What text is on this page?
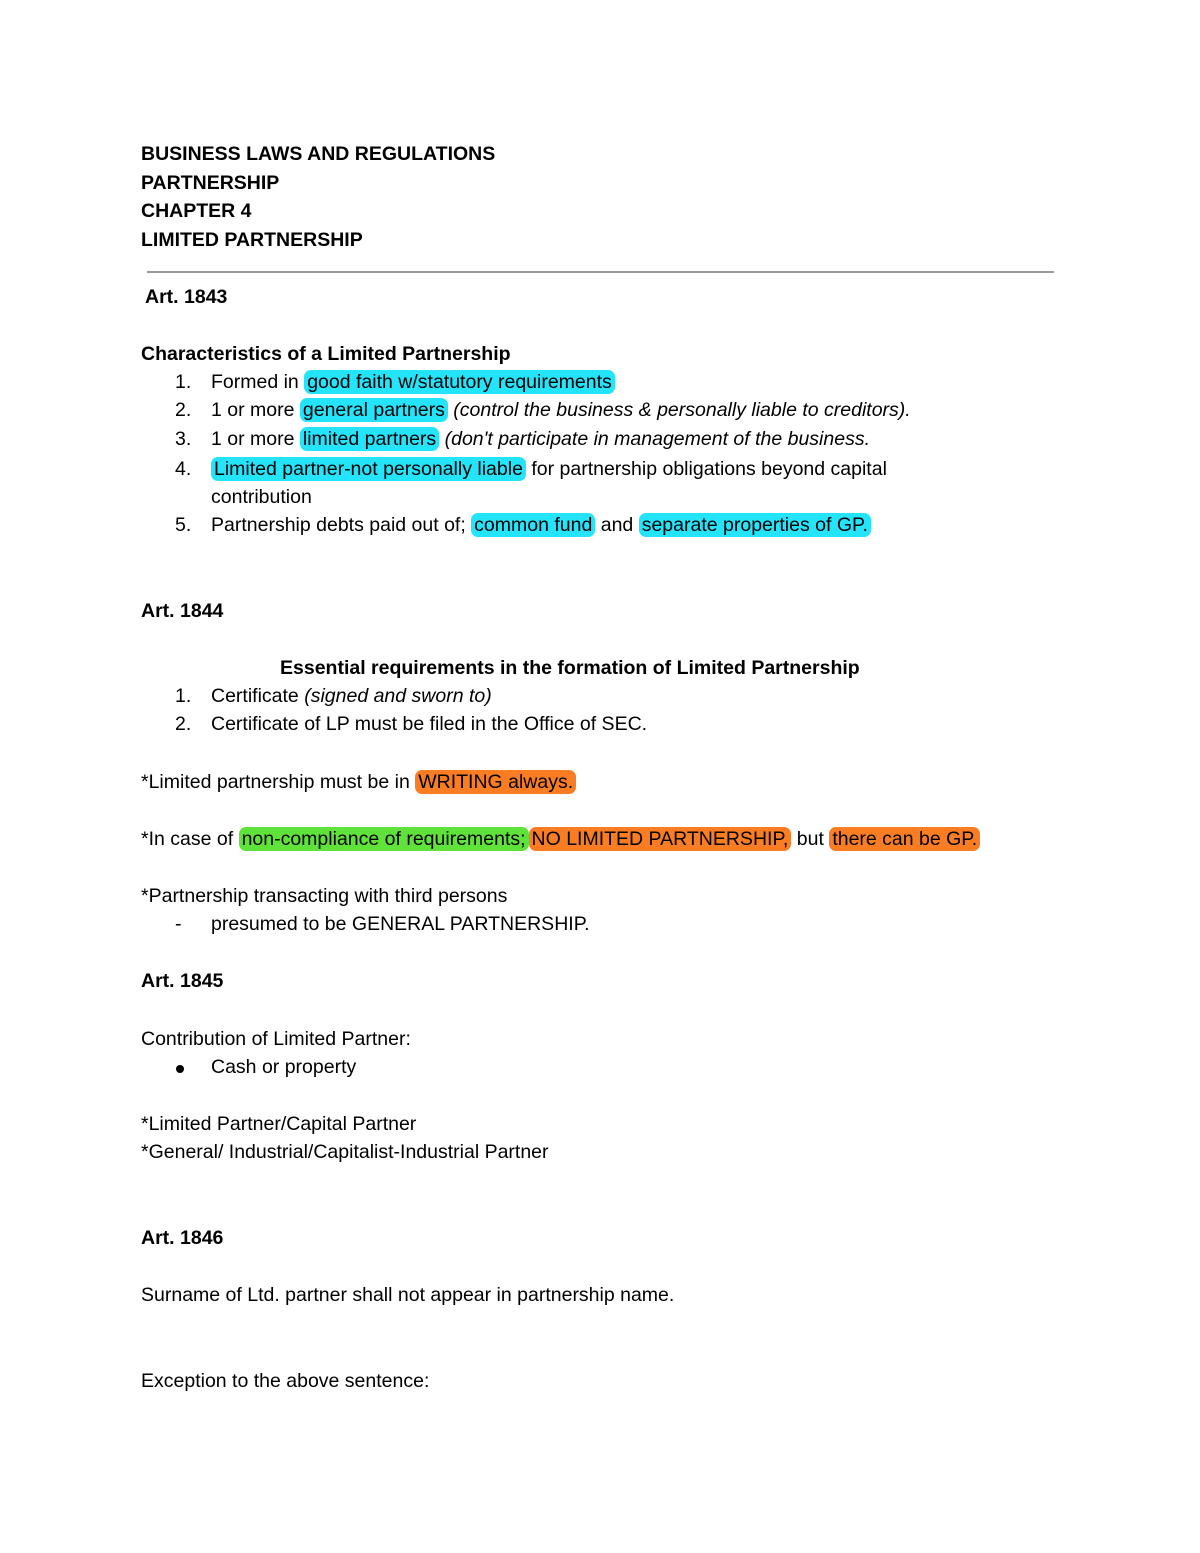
BUSINESS LAWS AND REGULATIONS
PARTNERSHIP
CHAPTER 4
LIMITED PARTNERSHIP
Art. 1843
Characteristics of a Limited Partnership
1. Formed in good faith w/statutory requirements
2. 1 or more general partners (control the business & personally liable to creditors).
3. 1 or more limited partners (don't participate in management of the business.
4. Limited partner-not personally liable for partnership obligations beyond capital
contribution
5. Partnership debts paid out of; common fund and separate properties of GP.
Art. 1844
Essential requirements in the formation of Limited Partnership
1. Certificate (signed and sworn to)
2. Certificate of LP must be filed in the Office of SEC.
*Limited partnership must be in WRITING always.
*In case of non-compliance of requirements; NO LIMITED PARTNERSHIP, but there can be GP.
*Partnership transacting with third persons
- presumed to be GENERAL PARTNERSHIP.
Art. 1845
Contribution of Limited Partner:
Cash or property
*Limited Partner/Capital Partner
*General/ Industrial/Capitalist-Industrial Partner
Art. 1846
Surname of Ltd. partner shall not appear in partnership name.
Exception to the above sentence:
